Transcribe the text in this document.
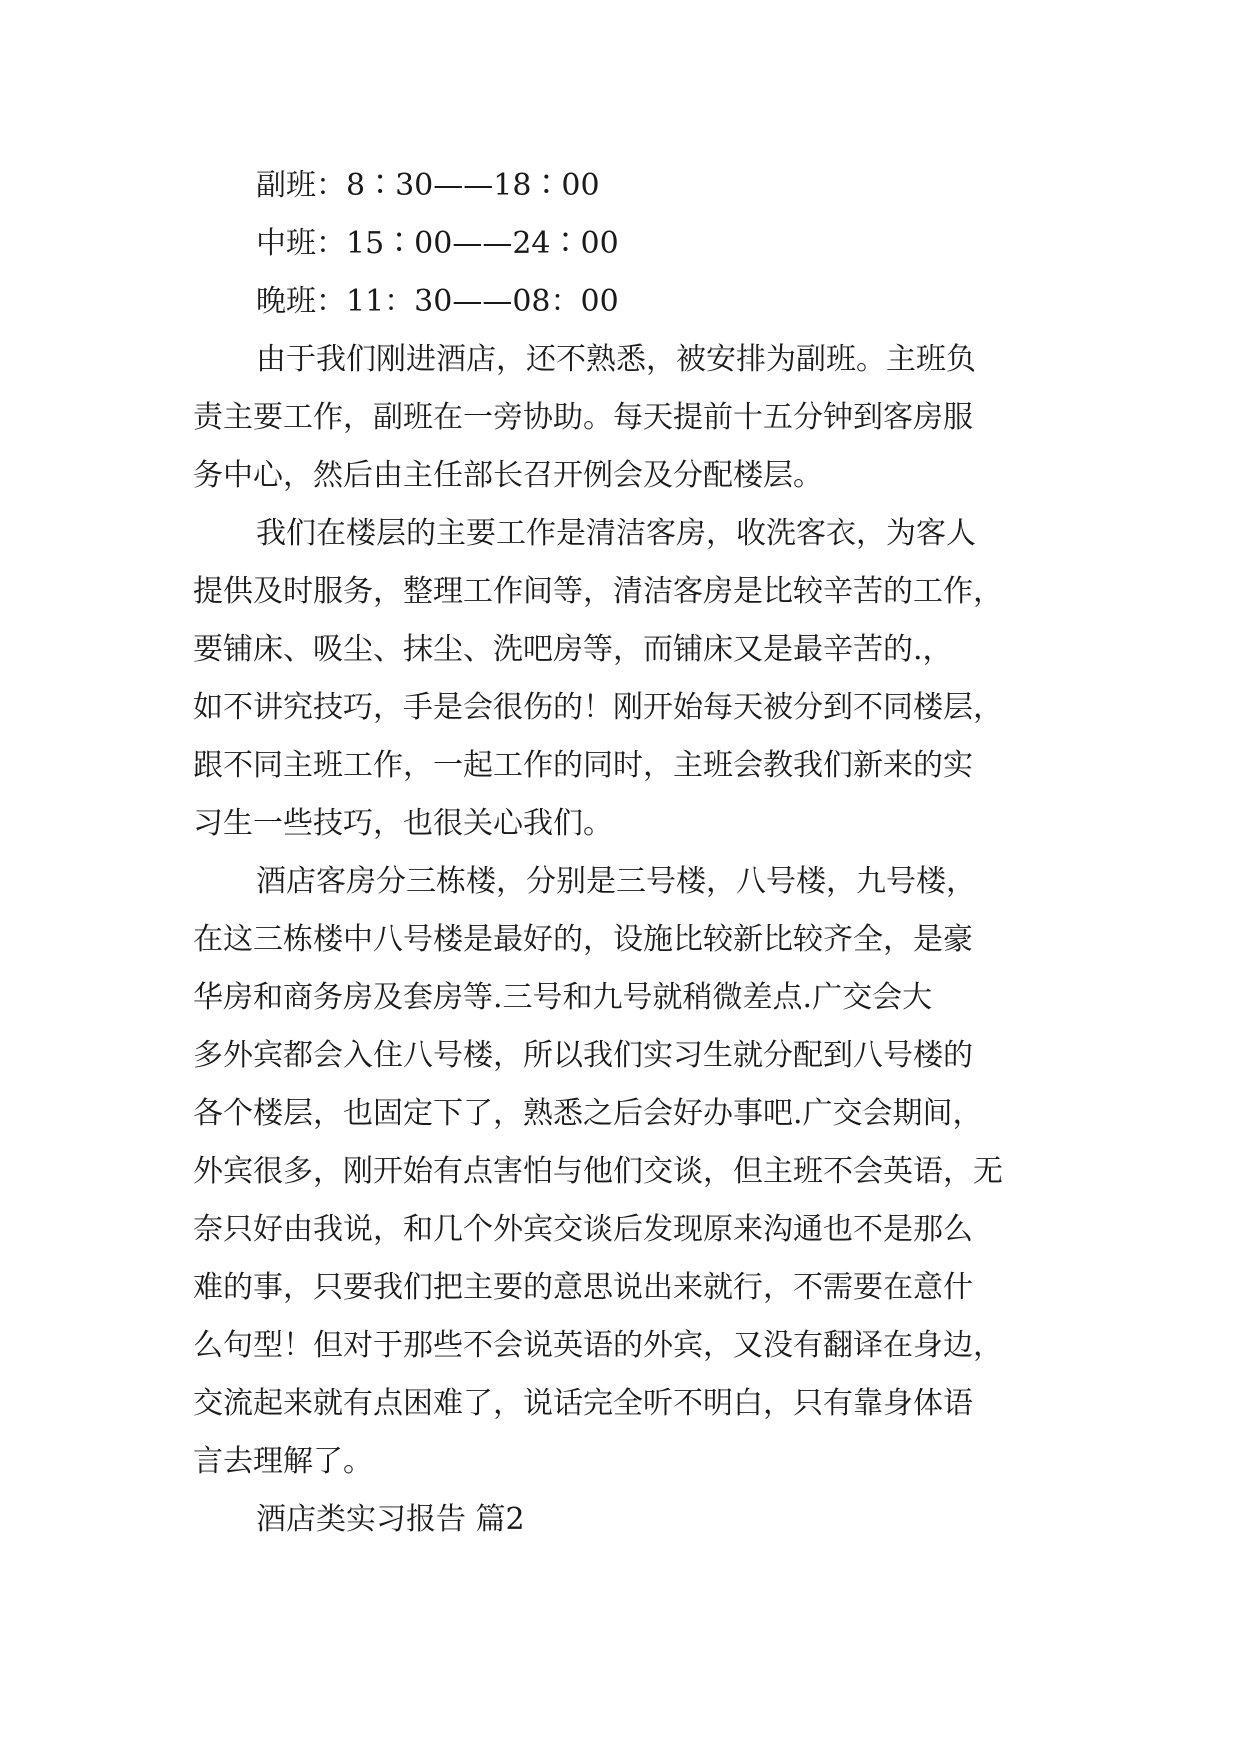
副班：8∶30——18∶00
中班：15∶00——24∶00
晚班：11：30——08：00
由于我们刚进酒店，还不熟悉，被安排为副班。主班负
责主要工作，副班在一旁协助。每天提前十五分钟到客房服
务中心，然后由主任部长召开例会及分配楼层。
我们在楼层的主要工作是清洁客房，收洗客衣，为客人
提供及时服务，整理工作间等，清洁客房是比较辛苦的工作，
要铺床、吸尘、抹尘、洗吧房等，而铺床又是最辛苦的.，
如不讲究技巧，手是会很伤的！刚开始每天被分到不同楼层，
跟不同主班工作，一起工作的同时，主班会教我们新来的实
习生一些技巧，也很关心我们。
酒店客房分三栋楼，分别是三号楼，八号楼，九号楼，
在这三栋楼中八号楼是最好的，设施比较新比较齐全，是豪
华房和商务房及套房等.三号和九号就稍微差点.广交会大
多外宾都会入住八号楼，所以我们实习生就分配到八号楼的
各个楼层，也固定下了，熟悉之后会好办事吧.广交会期间，
外宾很多，刚开始有点害怕与他们交谈，但主班不会英语，无
奈只好由我说，和几个外宾交谈后发现原来沟通也不是那么
难的事，只要我们把主要的意思说出来就行，不需要在意什
么句型！但对于那些不会说英语的外宾，又没有翻译在身边，
交流起来就有点困难了，说话完全听不明白，只有靠身体语
言去理解了。
酒店类实习报告 篇2
